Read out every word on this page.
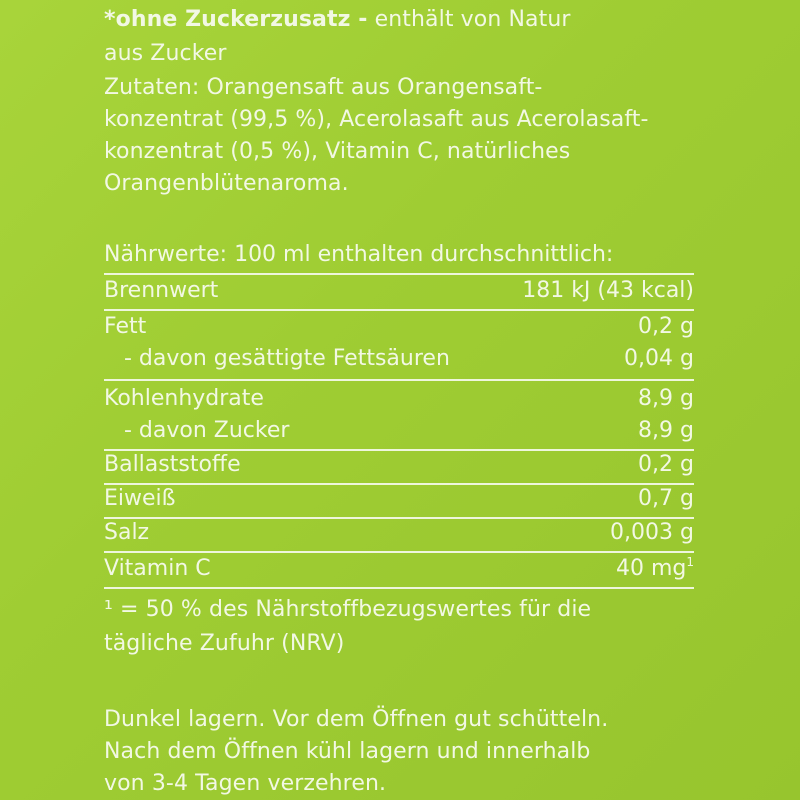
*ohne Zuckerzusatz - enthält von Natur
aus Zucker
Zutaten: Orangensaft aus Orangensaft-
konzentrat (99,5 %), Acerolasaft aus Acerolasaft-
konzentrat (0,5 %), Vitamin C, natürliches
Orangenblütenaroma.
Nährwerte: 100 ml enthalten durchschnittlich:
Brennwert	181 kJ (43 kcal)
Fett	0,2 g
- davon gesättigte Fettsäuren	0,04 g
Kohlenhydrate	8,9 g
- davon Zucker	8,9 g
Ballaststoffe	0,2 g
Eiweiß	0,7 g
Salz	0,003 g
Vitamin C	40 $mg^1$
¹ = 50 % des Nährstoffbezugswertes für die
tägliche Zufuhr (NRV)
Dunkel lagern. Vor dem Öffnen gut schütteln.
Nach dem Öffnen kühl lagern und innerhalb
von 3-4 Tagen verzehren.
